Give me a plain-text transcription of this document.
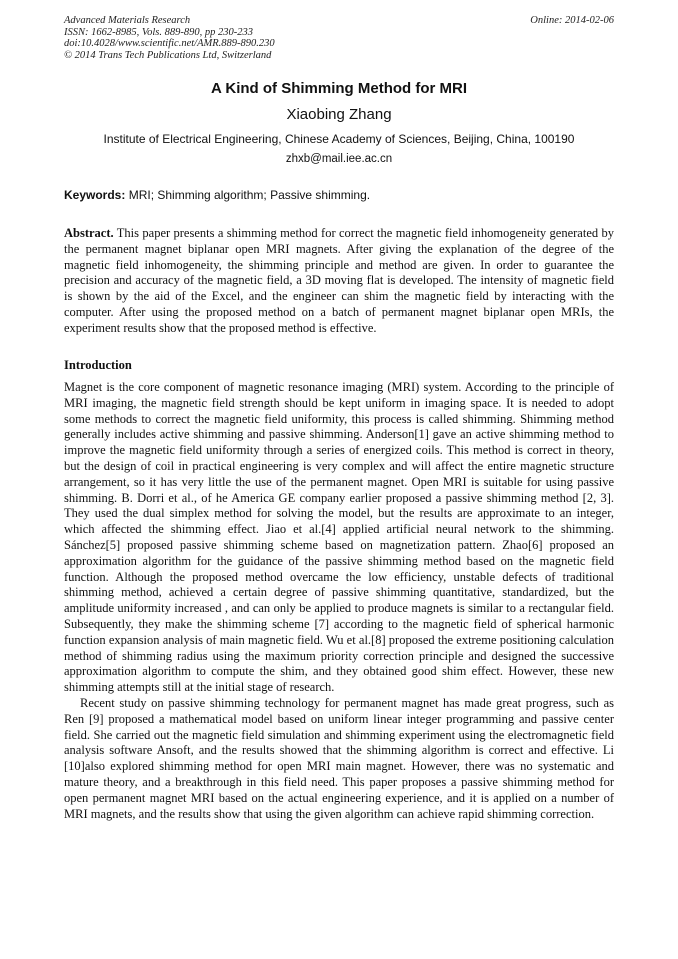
Advanced Materials Research
ISSN: 1662-8985, Vols. 889-890, pp 230-233
doi:10.4028/www.scientific.net/AMR.889-890.230
© 2014 Trans Tech Publications Ltd, Switzerland
Online: 2014-02-06
A Kind of Shimming Method for MRI
Xiaobing Zhang
Institute of Electrical Engineering, Chinese Academy of Sciences, Beijing, China, 100190
zhxb@mail.iee.ac.cn
Keywords: MRI; Shimming algorithm; Passive shimming.

Abstract. This paper presents a shimming method for correct the magnetic field inhomogeneity generated by the permanent magnet biplanar open MRI magnets. After giving the explanation of the degree of the magnetic field inhomogeneity, the shimming principle and method are given. In order to guarantee the precision and accuracy of the magnetic field, a 3D moving flat is developed. The intensity of magnetic field is shown by the aid of the Excel, and the engineer can shim the magnetic field by interacting with the computer. After using the proposed method on a batch of permanent magnet biplanar open MRIs, the experiment results show that the proposed method is effective.

Introduction

Magnet is the core component of magnetic resonance imaging (MRI) system. According to the principle of MRI imaging, the magnetic field strength should be kept uniform in imaging space. It is needed to adopt some methods to correct the magnetic field uniformity, this process is called shimming. Shimming method generally includes active shimming and passive shimming. Anderson[1] gave an active shimming method to improve the magnetic field uniformity through a series of energized coils. This method is correct in theory, but the design of coil in practical engineering is very complex and will affect the entire magnetic structure arrangement, so it has very little the use of the permanent magnet. Open MRI is suitable for using passive shimming. B. Dorri et al., of he America GE company earlier proposed a passive shimming method [2, 3]. They used the dual simplex method for solving the model, but the results are approximate to an integer, which affected the shimming effect. Jiao et al.[4] applied artificial neural network to the shimming. Sánchez[5] proposed passive shimming scheme based on magnetization pattern. Zhao[6] proposed an approximation algorithm for the guidance of the passive shimming method based on the magnetic field function. Although the proposed method overcame the low efficiency, unstable defects of traditional shimming method, achieved a certain degree of passive shimming quantitative, standardized, but the amplitude uniformity increased , and can only be applied to produce magnets is similar to a rectangular field. Subsequently, they make the shimming scheme [7] according to the magnetic field of spherical harmonic function expansion analysis of main magnetic field. Wu et al.[8] proposed the extreme positioning calculation method of shimming radius using the maximum priority correction principle and designed the successive approximation algorithm to compute the shim, and they obtained good shim effect. However, these new shimming attempts still at the initial stage of research.

Recent study on passive shimming technology for permanent magnet has made great progress, such as Ren [9] proposed a mathematical model based on uniform linear integer programming and passive center field. She carried out the magnetic field simulation and shimming experiment using the electromagnetic field analysis software Ansoft, and the results showed that the shimming algorithm is correct and effective. Li [10]also explored shimming method for open MRI main magnet. However, there was no systematic and mature theory, and a breakthrough in this field need. This paper proposes a passive shimming method for open permanent magnet MRI based on the actual engineering experience, and it is applied on a number of MRI magnets, and the results show that using the given algorithm can achieve rapid shimming correction.
